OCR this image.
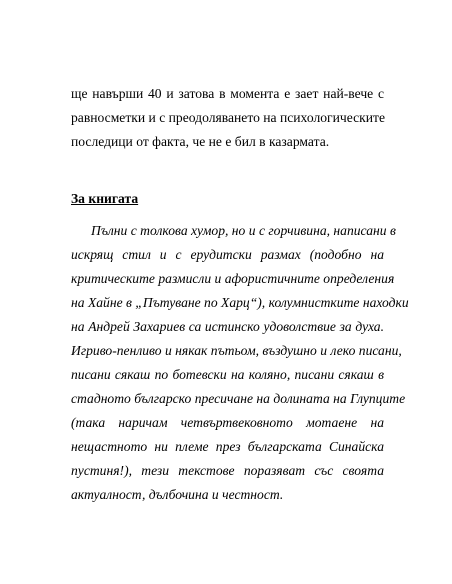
ще навърши 40 и затова в момента е зает най-вече с
равносметки и с преодоляването на психологическите
последици от факта, че не е бил в казармата.
За книгата
Пълни с толкова хумор, но и с горчивина, написани в
искрящ стил и с ерудитски размах (подобно на
критическите размисли и афористичните определения
на Хайне в „Пътуване по Харц“), колумнистките находки
на Андрей Захариев са истинско удоволствие за духа.
Игриво-пенливо и някак пътьом, въздушно и леко писани,
писани сякаш по ботевски на коляно, писани сякаш в
стадното българско пресичане на долината на Глупците
(така наричам четвъртвековното мотаене на
нещастното ни племе през българската Синайска
пустиня!), тези текстове поразяват със своята
актуалност, дълбочина и честност.
